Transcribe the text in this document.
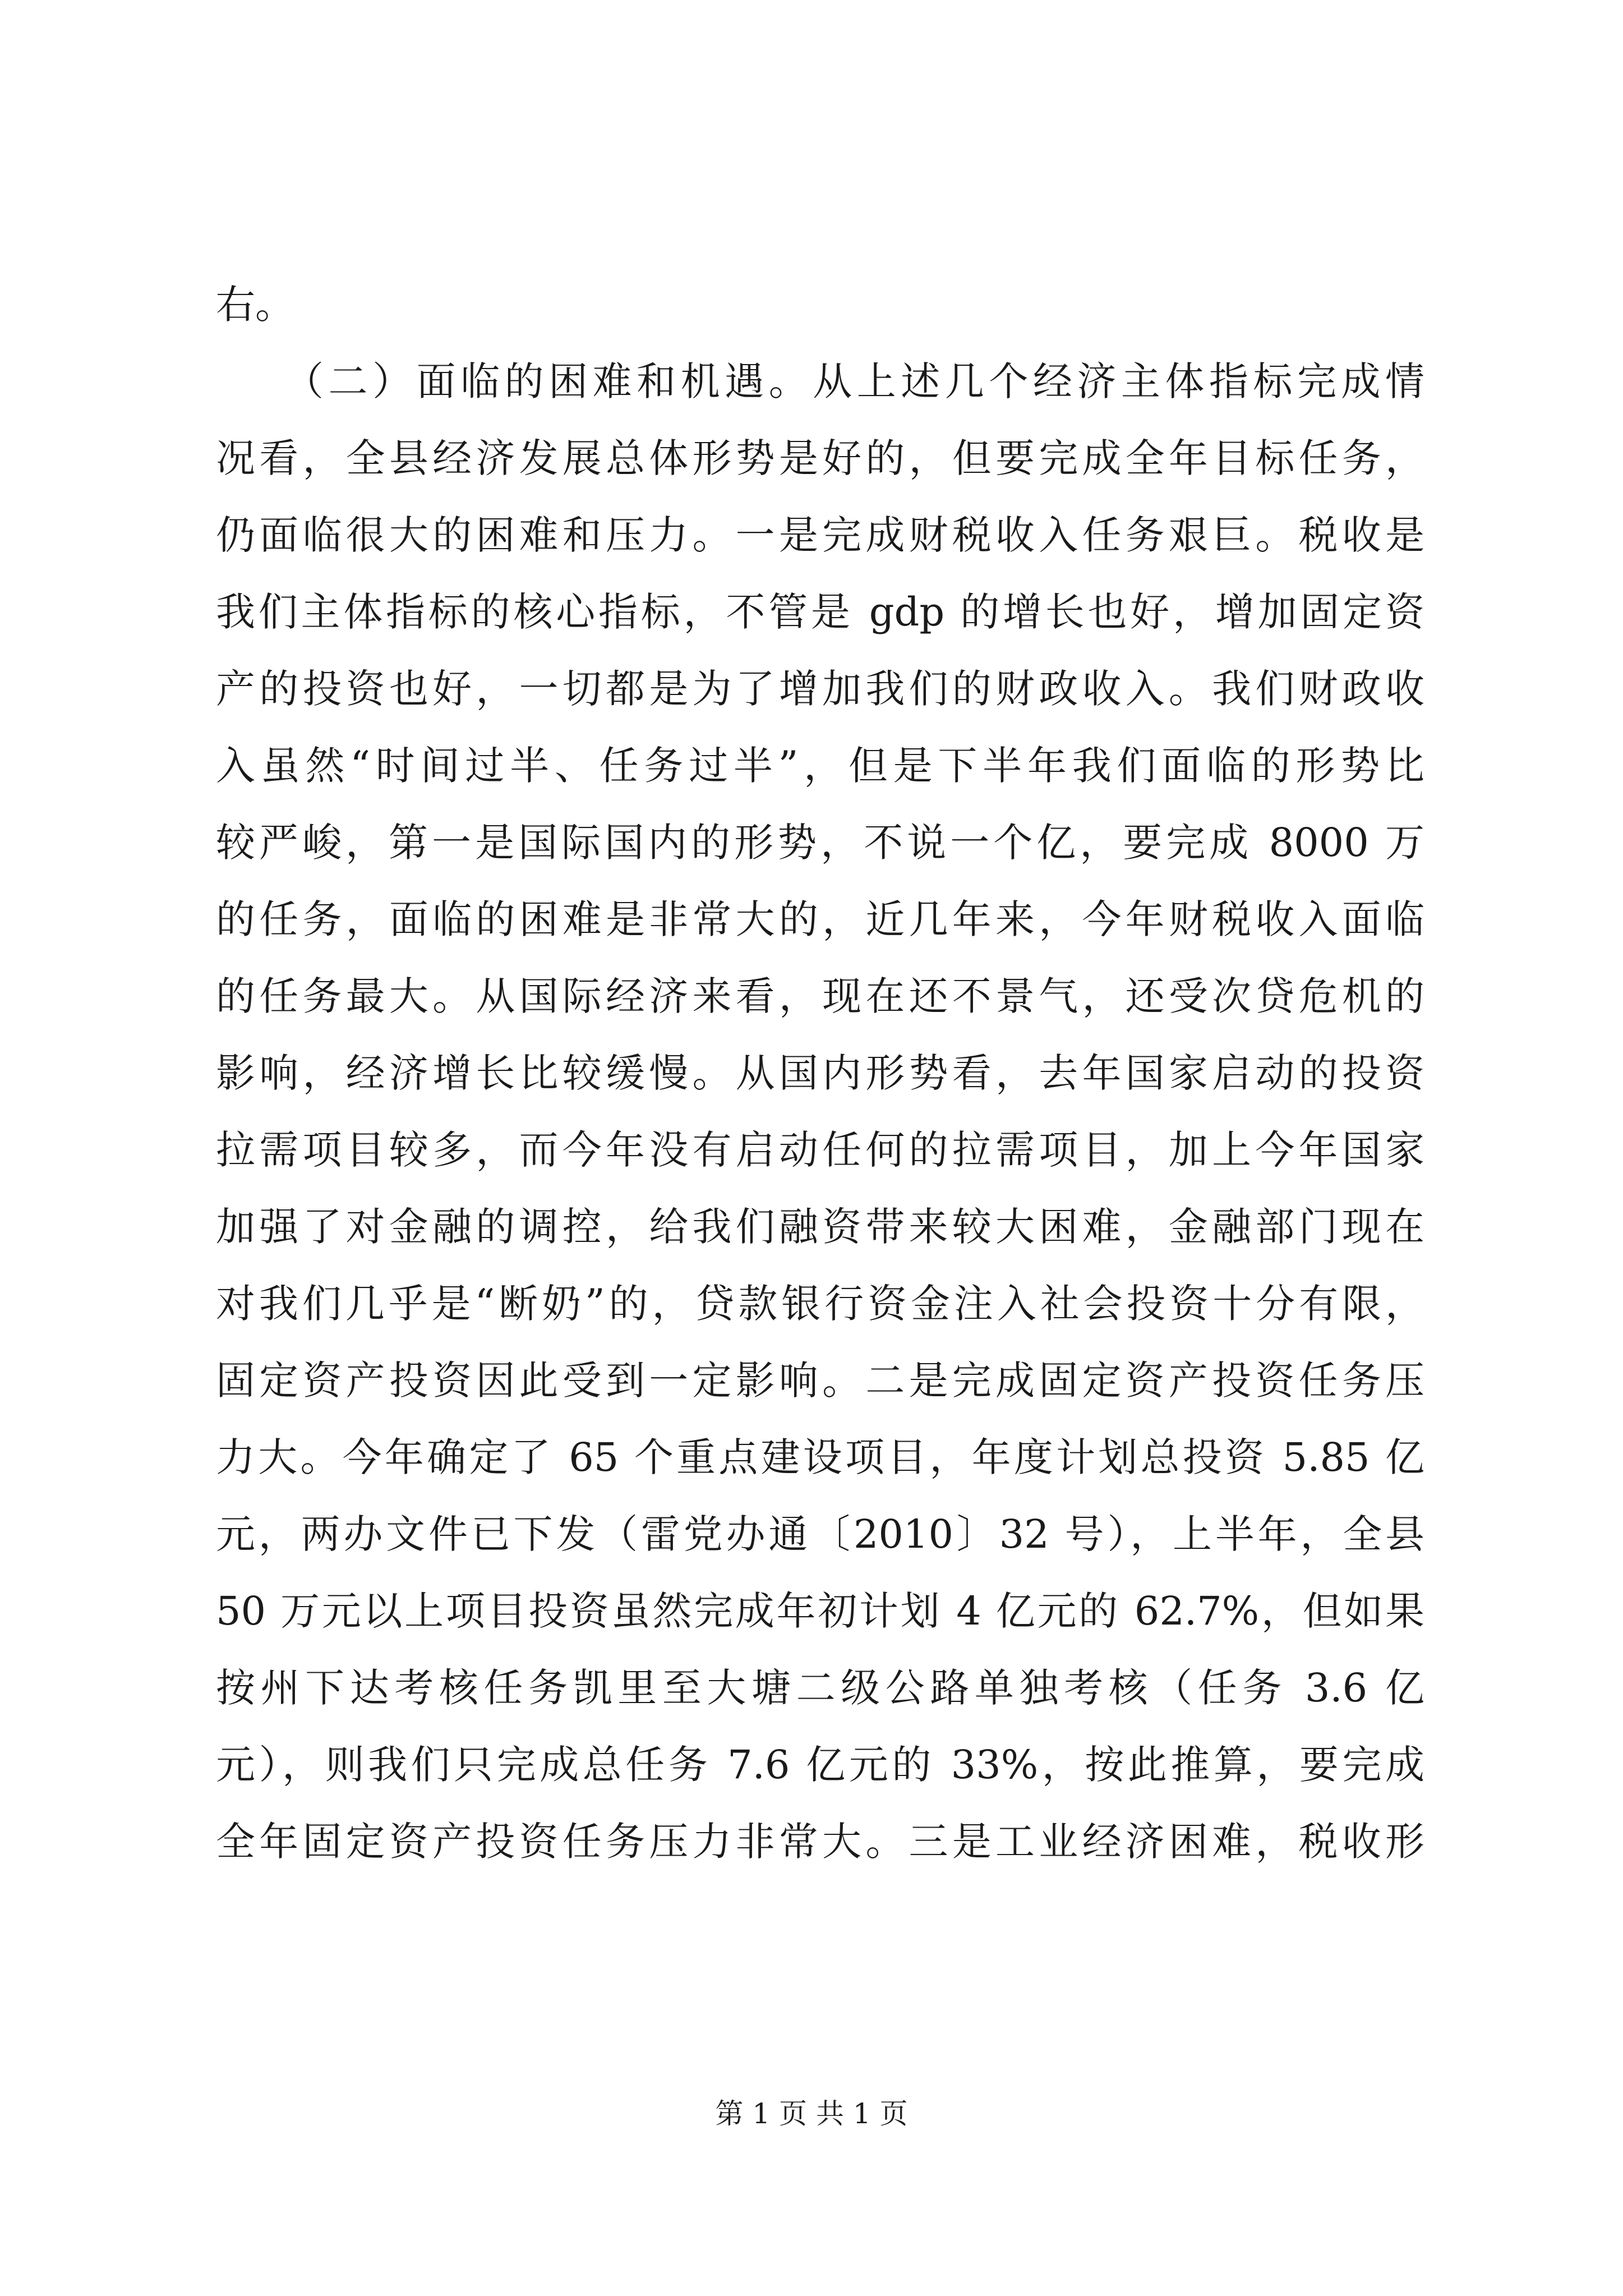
右。
　　（二）面临的困难和机遇。从上述几个经济主体指标完成情
况看，全县经济发展总体形势是好的，但要完成全年目标任务，
仍面临很大的困难和压力。一是完成财税收入任务艰巨。税收是
我们主体指标的核心指标，不管是 gdp 的增长也好，增加固定资
产的投资也好，一切都是为了增加我们的财政收入。我们财政收
入虽然“时间过半、任务过半”，但是下半年我们面临的形势比
较严峻，第一是国际国内的形势，不说一个亿，要完成 8000 万
的任务，面临的困难是非常大的，近几年来，今年财税收入面临
的任务最大。从国际经济来看，现在还不景气，还受次贷危机的
影响，经济增长比较缓慢。从国内形势看，去年国家启动的投资
拉需项目较多，而今年没有启动任何的拉需项目，加上今年国家
加强了对金融的调控，给我们融资带来较大困难，金融部门现在
对我们几乎是“断奶”的，贷款银行资金注入社会投资十分有限，
固定资产投资因此受到一定影响。二是完成固定资产投资任务压
力大。今年确定了 65 个重点建设项目，年度计划总投资 5.85 亿
元，两办文件已下发（雷党办通〔2010〕32 号），上半年，全县
50 万元以上项目投资虽然完成年初计划 4 亿元的 62.7%，但如果
按州下达考核任务凯里至大塘二级公路单独考核（任务 3.6 亿
元），则我们只完成总任务 7.6 亿元的 33%，按此推算，要完成
全年固定资产投资任务压力非常大。三是工业经济困难，税收形
第 1 页 共 1 页
